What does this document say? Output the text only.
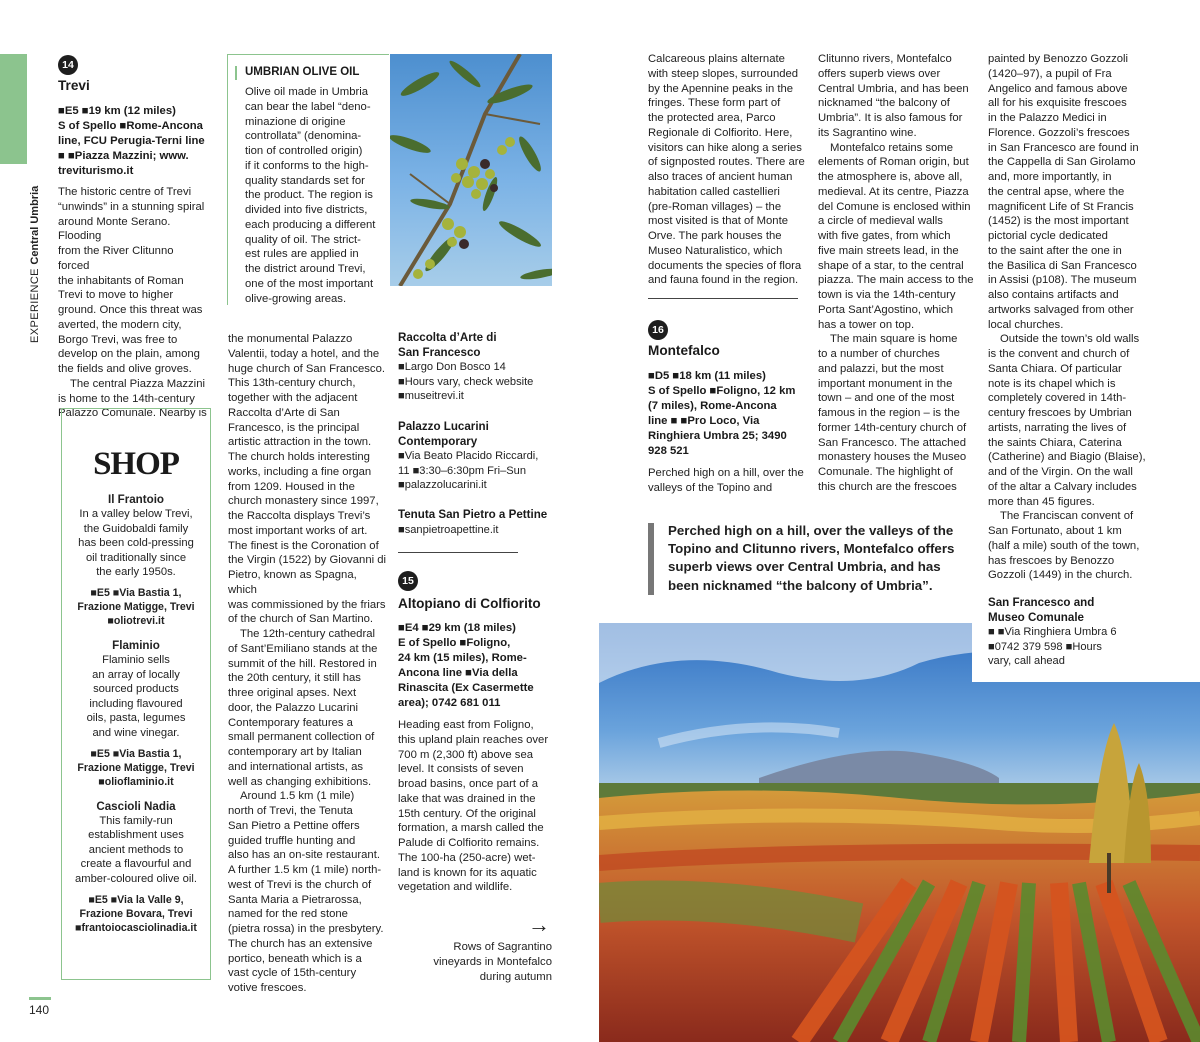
EXPERIENCE Central Umbria
14
Trevi
■E5 ■19 km (12 miles)
S of Spello ■Rome-Ancona
line, FCU Perugia-Terni line
■ ■Piazza Mazzini; www.
treviturismo.it
The historic centre of Trevi
“unwinds” in a stunning spiral
around Monte Serano. Flooding
from the River Clitunno forced
the inhabitants of Roman
Trevi to move to higher
ground. Once this threat was
averted, the modern city,
Borgo Trevi, was free to
develop on the plain, among
the fields and olive groves.
The central Piazza Mazzini
is home to the 14th-century
Palazzo Comunale. Nearby is
UMBRIAN OLIVE OIL
Olive oil made in Umbria
can bear the label “deno-
minazione di origine
controllata” (denomina-
tion of controlled origin)
if it conforms to the high-
quality standards set for
the product. The region is
divided into five districts,
each producing a different
quality of oil. The strict-
est rules are applied in
the district around Trevi,
one of the most important
olive-growing areas.
SHOP
Il Frantoio
In a valley below Trevi,
the Guidobaldi family
has been cold-pressing
oil traditionally since
the early 1950s.
■E5 ■Via Bastia 1,
Frazione Matigge, Trevi
■oliotrevi.it
Flaminio
Flaminio sells
an array of locally
sourced products
including flavoured
oils, pasta, legumes
and wine vinegar.
■E5 ■Via Bastia 1,
Frazione Matigge, Trevi
■olioflaminio.it
Cascioli Nadia
This family-run
establishment uses
ancient methods to
create a flavourful and
amber-coloured olive oil.
■E5 ■Via la Valle 9,
Frazione Bovara, Trevi
■frantoiocasciolinadia.it
the monumental Palazzo
Valentii, today a hotel, and the
huge church of San Francesco.
This 13th-century church,
together with the adjacent
Raccolta d’Arte di San
Francesco, is the principal
artistic attraction in the town.
The church holds interesting
works, including a fine organ
from 1209. Housed in the
church monastery since 1997,
the Raccolta displays Trevi’s
most important works of art.
The finest is the Coronation of
the Virgin (1522) by Giovanni di
Pietro, known as Spagna, which
was commissioned by the friars
of the church of San Martino.
The 12th-century cathedral
of Sant’Emiliano stands at the
summit of the hill. Restored in
the 20th century, it still has
three original apses. Next
door, the Palazzo Lucarini
Contemporary features a
small permanent collection of
contemporary art by Italian
and international artists, as
well as changing exhibitions.
Around 1.5 km (1 mile)
north of Trevi, the Tenuta
San Pietro a Pettine offers
guided truffle hunting and
also has an on-site restaurant.
A further 1.5 km (1 mile) north-
west of Trevi is the church of
Santa Maria a Pietrarossa,
named for the red stone
(pietra rossa) in the presbytery.
The church has an extensive
portico, beneath which is a
vast cycle of 15th-century
votive frescoes.
Raccolta d’Arte di
San Francesco
■Largo Don Bosco 14
■Hours vary, check website
■museitrevi.it
Palazzo Lucarini
Contemporary
■Via Beato Placido Riccardi,
11 ■3:30–6:30pm Fri–Sun
■palazzolucarini.it
Tenuta San Pietro a Pettine
■sanpietroapettine.it
15
Altopiano di Colfiorito
■E4 ■29 km (18 miles)
E of Spello ■Foligno,
24 km (15 miles), Rome-
Ancona line ■Via della
Rinascita (Ex Casermette
area); 0742 681 011
Heading east from Foligno,
this upland plain reaches over
700 m (2,300 ft) above sea
level. It consists of seven
broad basins, once part of a
lake that was drained in the
15th century. Of the original
formation, a marsh called the
Palude di Colfiorito remains.
The 100-ha (250-acre) wet-
land is known for its aquatic
vegetation and wildlife.
→
Rows of Sagrantino
vineyards in Montefalco
during autumn
Calcareous plains alternate
with steep slopes, surrounded
by the Apennine peaks in the
fringes. These form part of
the protected area, Parco
Regionale di Colfiorito. Here,
visitors can hike along a series
of signposted routes. There are
also traces of ancient human
habitation called castellieri
(pre-Roman villages) – the
most visited is that of Monte
Orve. The park houses the
Museo Naturalistico, which
documents the species of flora
and fauna found in the region.
16
Montefalco
■D5 ■18 km (11 miles)
S of Spello ■Foligno, 12 km
(7 miles), Rome-Ancona
line ■ ■Pro Loco, Via
Ringhiera Umbra 25; 3490
928 521
Perched high on a hill, over the
valleys of the Topino and
Clitunno rivers, Montefalco
offers superb views over
Central Umbria, and has been
nicknamed “the balcony of
Umbria”. It is also famous for
its Sagrantino wine.
Montefalco retains some
elements of Roman origin, but
the atmosphere is, above all,
medieval. At its centre, Piazza
del Comune is enclosed within
a circle of medieval walls
with five gates, from which
five main streets lead, in the
shape of a star, to the central
piazza. The main access to the
town is via the 14th-century
Porta Sant’Agostino, which
has a tower on top.
The main square is home
to a number of churches
and palazzi, but the most
important monument in the
town – and one of the most
famous in the region – is the
former 14th-century church of
San Francesco. The attached
monastery houses the Museo
Comunale. The highlight of
this church are the frescoes
painted by Benozzo Gozzoli
(1420–97), a pupil of Fra
Angelico and famous above
all for his exquisite frescoes
in the Palazzo Medici in
Florence. Gozzoli’s frescoes
in San Francesco are found in
the Cappella di San Girolamo
and, more importantly, in
the central apse, where the
magnificent Life of St Francis
(1452) is the most important
pictorial cycle dedicated
to the saint after the one in
the Basilica di San Francesco
in Assisi (p108). The museum
also contains artifacts and
artworks salvaged from other
local churches.
Outside the town’s old walls
is the convent and church of
Santa Chiara. Of particular
note is its chapel which is
completely covered in 14th-
century frescoes by Umbrian
artists, narrating the lives of
the saints Chiara, Caterina
(Catherine) and Biagio (Blaise),
and of the Virgin. On the wall
of the altar a Calvary includes
more than 45 figures.
The Franciscan convent of
San Fortunato, about 1 km
(half a mile) south of the town,
has frescoes by Benozzo
Gozzoli (1449) in the church.
Perched high on a hill, over the valleys of the
Topino and Clitunno rivers, Montefalco offers
superb views over Central Umbria, and has
been nicknamed “the balcony of Umbria”.
San Francesco and
Museo Comunale
■ ■Via Ringhiera Umbra 6
■0742 379 598 ■Hours
vary, call ahead
140
